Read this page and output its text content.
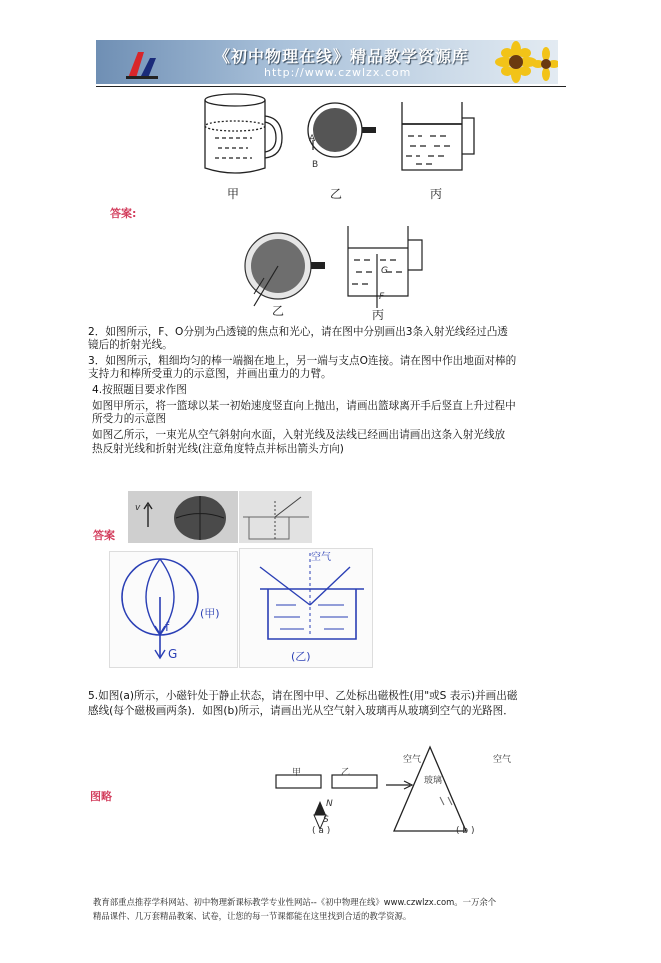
《初中物理在线》精品教学资源库
http://www.czwlzx.com
A
B
甲	乙	丙
答案:
G
F
乙	丙
2．如图所示，F、O分别为凸透镜的焦点和光心，请在图中分别画出3条入射光线经过凸透
镜后的折射光线。
3．如图所示，粗细均匀的棒一端搁在地上，另一端与支点O连接。请在图中作出地面对棒的
支持力和棒所受重力的示意图，并画出重力的力臂。
4.按照题目要求作图
如图甲所示，将一篮球以某一初始速度竖直向上抛出，请画出篮球离开手后竖直上升过程中
所受力的示意图
如图乙所示，一束光从空气斜射向水面，入射光线及法线已经画出请画出这条入射光线放
热反射光线和折射光线(注意角度特点并标出箭头方向)
答案
v
f
G
(甲)
空气
(乙)
5.如图(a)所示，小磁针处于静止状态，请在图中甲、乙处标出磁极性(用"或S 表示)并画出磁
感线(每个磁极画两条)．如图(b)所示，请画出光从空气射入玻璃再从玻璃到空气的光路图．
图略
甲	乙
N
S
( a )
空气	空气
玻璃
( b )
教育部重点推荐学科网站、初中物理新课标教学专业性网站--《初中物理在线》www.czwlzx.com。一万余个
精品课件、几万套精品教案、试卷，让您的每一节课都能在这里找到合适的教学资源。
